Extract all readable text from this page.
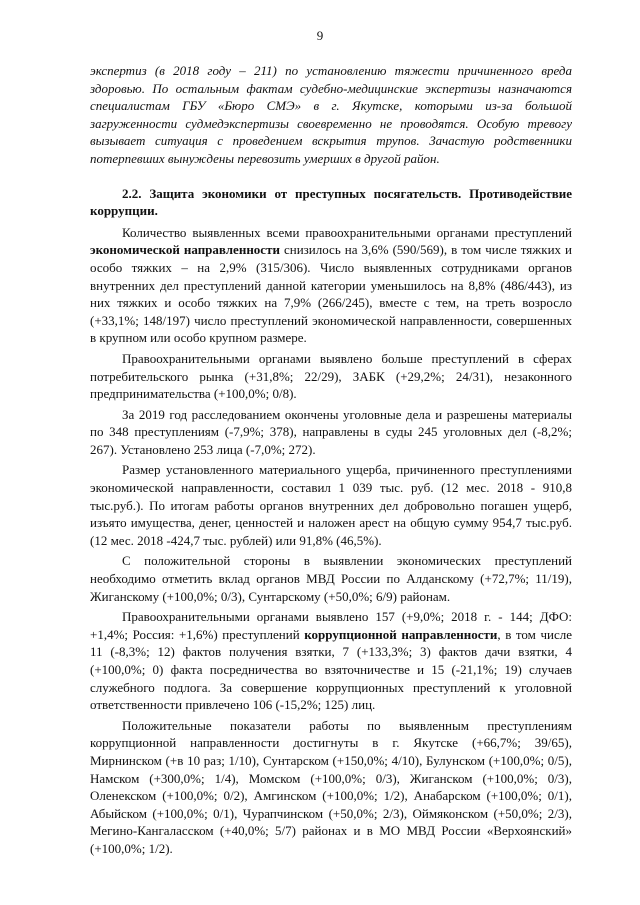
9

экспертиз (в 2018 году – 211) по установлению тяжести причиненного вреда здоровью. По остальным фактам судебно-медицинские экспертизы назначаются специалистам ГБУ «Бюро СМЭ» в г. Якутске, которыми из-за большой загруженности судмедэкспертизы своевременно не проводятся. Особую тревогу вызывает ситуация с проведением вскрытия трупов. Зачастую родственники потерпевших вынуждены перевозить умерших в другой район.

2.2. Защита экономики от преступных посягательств. Противодействие коррупции.

Количество выявленных всеми правоохранительными органами преступлений экономической направленности снизилось на 3,6% (590/569), в том числе тяжких и особо тяжких – на 2,9% (315/306). Число выявленных сотрудниками органов внутренних дел преступлений данной категории уменьшилось на 8,8% (486/443), из них тяжких и особо тяжких на 7,9% (266/245), вместе с тем, на треть возросло (+33,1%; 148/197) число преступлений экономической направленности, совершенных в крупном или особо крупном размере.

Правоохранительными органами выявлено больше преступлений в сферах потребительского рынка (+31,8%; 22/29), ЗАБК (+29,2%; 24/31), незаконного предпринимательства (+100,0%; 0/8).

За 2019 год расследованием окончены уголовные дела и разрешены материалы по 348 преступлениям (-7,9%; 378), направлены в суды 245 уголовных дел (-8,2%; 267). Установлено 253 лица (-7,0%; 272).

Размер установленного материального ущерба, причиненного преступлениями экономической направленности, составил 1 039 тыс. руб. (12 мес. 2018 - 910,8 тыс.руб.). По итогам работы органов внутренних дел добровольно погашен ущерб, изъято имущества, денег, ценностей и наложен арест на общую сумму 954,7 тыс.руб. (12 мес. 2018 -424,7 тыс. рублей) или 91,8% (46,5%).

С положительной стороны в выявлении экономических преступлений необходимо отметить вклад органов МВД России по Алданскому (+72,7%; 11/19), Жиганскому (+100,0%; 0/3), Сунтарскому (+50,0%; 6/9) районам.

Правоохранительными органами выявлено 157 (+9,0%; 2018 г. - 144; ДФО: +1,4%; Россия: +1,6%) преступлений коррупционной направленности, в том числе 11 (-8,3%; 12) фактов получения взятки, 7 (+133,3%; 3) фактов дачи взятки, 4 (+100,0%; 0) факта посредничества во взяточничестве и 15 (-21,1%; 19) случаев служебного подлога. За совершение коррупционных преступлений к уголовной ответственности привлечено 106 (-15,2%; 125) лиц.

Положительные показатели работы по выявленным преступлениям коррупционной направленности достигнуты в г. Якутске (+66,7%; 39/65), Мирнинском (+в 10 раз; 1/10), Сунтарском (+150,0%; 4/10), Булунском (+100,0%; 0/5), Намском (+300,0%; 1/4), Момском (+100,0%; 0/3), Жиганском (+100,0%; 0/3), Оленекском (+100,0%; 0/2), Амгинском (+100,0%; 1/2), Анабарском (+100,0%; 0/1), Абыйском (+100,0%; 0/1), Чурапчинском (+50,0%; 2/3), Оймяконском (+50,0%; 2/3), Мегино-Кангаласском (+40,0%; 5/7) районах и в МО МВД России «Верхоянский» (+100,0%; 1/2).
